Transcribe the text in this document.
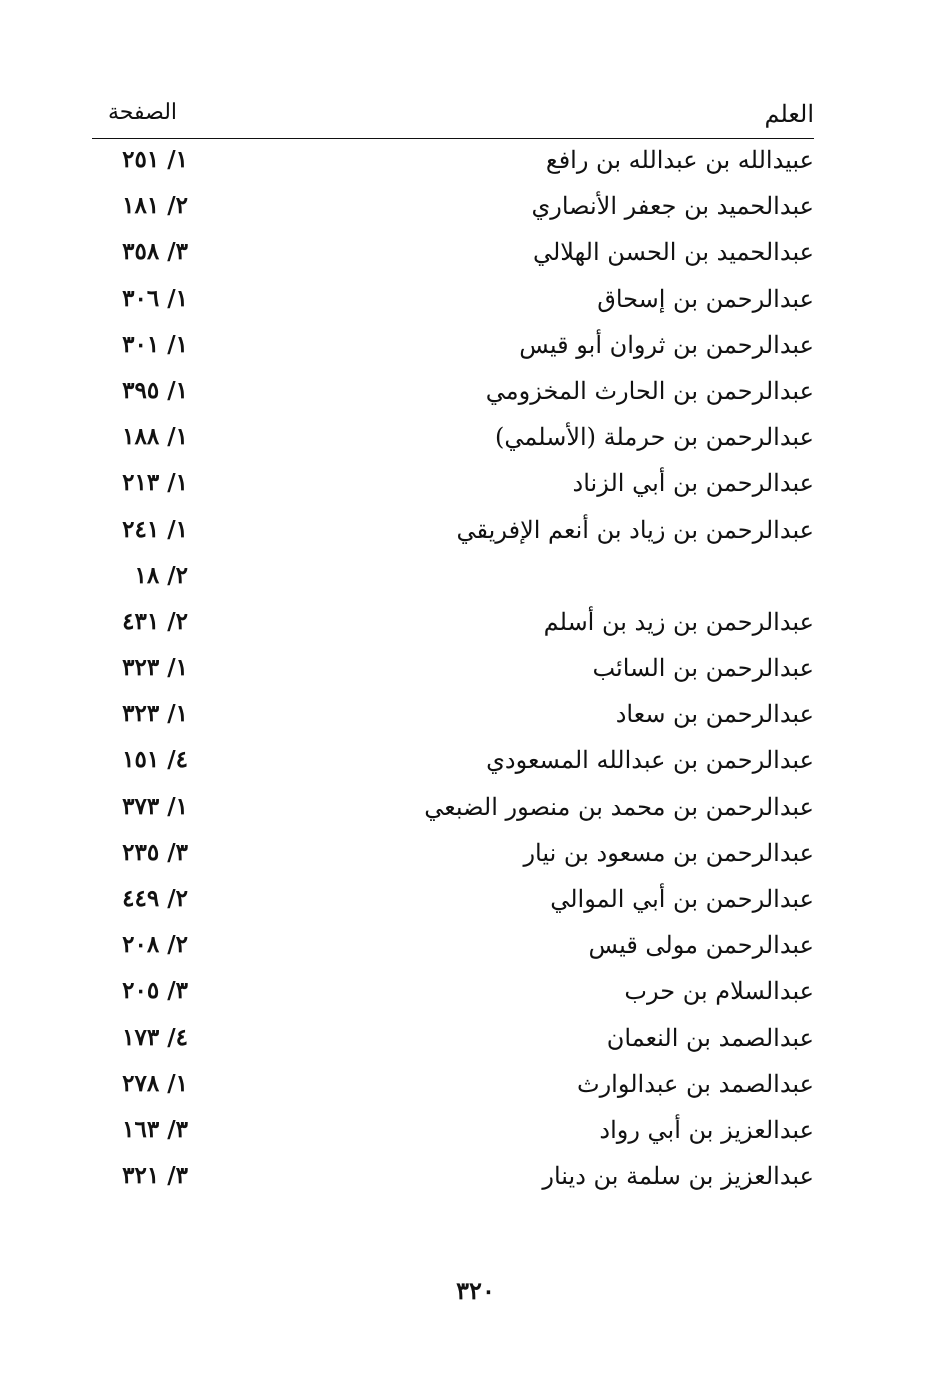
العلم
الصفحة
عبيدالله بن عبدالله بن رافع
١/ ٢٥١
عبدالحميد بن جعفر الأنصاري
٢/ ١٨١
عبدالحميد بن الحسن الهلالي
٣/ ٣٥٨
عبدالرحمن بن إسحاق
١/ ٣٠٦
عبدالرحمن بن ثروان أبو قيس
١/ ٣٠١
عبدالرحمن بن الحارث المخزومي
١/ ٣٩٥
عبدالرحمن بن حرملة (الأسلمي)
١/ ١٨٨
عبدالرحمن بن أبي الزناد
١/ ٢١٣
عبدالرحمن بن زياد بن أنعم الإفريقي
١/ ٢٤١
٢/ ١٨
عبدالرحمن بن زيد بن أسلم
٢/ ٤٣١
عبدالرحمن بن السائب
١/ ٣٢٣
عبدالرحمن بن سعاد
١/ ٣٢٣
عبدالرحمن بن عبدالله المسعودي
٤/ ١٥١
عبدالرحمن بن محمد بن منصور الضبعي
١/ ٣٧٣
عبدالرحمن بن مسعود بن نيار
٣/ ٢٣٥
عبدالرحمن بن أبي الموالي
٢/ ٤٤٩
عبدالرحمن مولى قيس
٢/ ٢٠٨
عبدالسلام بن حرب
٣/ ٢٠٥
عبدالصمد بن النعمان
٤/ ١٧٣
عبدالصمد بن عبدالوارث
١/ ٢٧٨
عبدالعزيز بن أبي رواد
٣/ ١٦٣
عبدالعزيز بن سلمة بن دينار
٣/ ٣٢١
٣٢٠
